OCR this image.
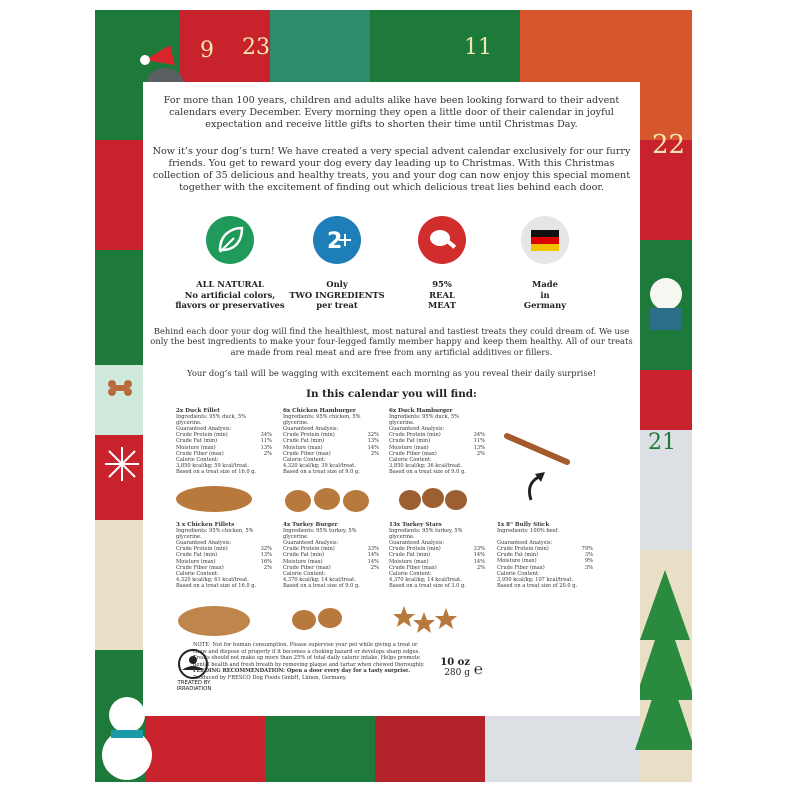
9 23	11
22
21
For more than 100 years, children and adults alike have been looking forward to their advent calendars every December. Every morning they open a little door of their calendar in joyful expectation and receive little gifts to shorten their time until Christmas Day.
Now it’s your dog’s turn! We have created a very special advent calendar exclusively for our furry friends. You get to reward your dog every day leading up to Christmas. With this Christmas collection of 35 delicious and healthy treats, you and your dog can now enjoy this special moment together with the excitement of finding out which delicious treat lies behind each door.
2
ALL NATURAL
No artificial colors,
flavors or preservatives
Only
TWO INGREDIENTS
per treat
95%
REAL
MEAT
Made
in
Germany
Behind each door your dog will find the healthiest, most natural and tastiest treats they could dream of. We use only the best ingredients to make your four-legged family member happy and keep them healthy. All of our treats are made from real meat and are free from any artificial additives or fillers.
Your dog’s tail will be wagging with excitement each morning as you reveal their daily surprise!
In this calendar you will find:
2x Duck Fillet
Ingredients: 95% duck, 5% glycerine.
Guaranteed Analysis:
Crude Protein (min)	34%
Crude Fat (min)	11%
Moisture (max)	13%
Crude Fiber (max)	2%
Calorie Content:
3,850 kcal/kg; 59 kcal/treat.
Based on a treat size of 16.0 g.
6x Chicken Hamburger
Ingredients: 95% chicken, 5% glycerine.
Guaranteed Analysis:
Crude Protein (min)	32%
Crude Fat (min)	13%
Moisture (max)	14%
Crude Fiber (max)	2%
Calorie Content:
4,320 kcal/kg; 39 kcal/treat.
Based on a treat size of 9.0 g.
6x Duck Hamburger
Ingredients: 95% duck, 5% glycerine.
Guaranteed Analysis:
Crude Protein (min)	34%
Crude Fat (min)	11%
Moisture (max)	13%
Crude Fiber (max)	2%
Calorie Content:
3,850 kcal/kg; 36 kcal/treat.
Based on a treat size of 9.0 g.
3 x Chicken Fillets
Ingredients: 95% chicken, 5% glycerine.
Guaranteed Analysis:
Crude Protein (min)	32%
Crude Fat (min)	13%
Moisture (max)	16%
Crude Fiber (max)	2%
Calorie Content:
4,320 kcal/kg; 61 kcal/treat.
Based on a treat size of 16.0 g.
4x Turkey Burger
Ingredients: 95% turkey, 5% glycerine.
Guaranteed Analysis:
Crude Protein (min)	33%
Crude Fat (min)	14%
Moisture (max)	14%
Crude Fiber (max)	2%
Calorie Content:
4,370 kcal/kg; 14 kcal/treat.
Based on a treat size of 9.0 g.
13x Turkey Stars
Ingredients: 95% turkey, 5% glycerine.
Guaranteed Analysis:
Crude Protein (min)	33%
Crude Fat (min)	14%
Moisture (max)	14%
Crude Fiber (max)	2%
Calorie Content:
4,370 kcal/kg; 14 kcal/treat.
Based on a treat size of 3.0 g.
1x 8" Bully Stick
Ingredients: 100% beef.
Guaranteed Analysis:
Crude Protein (min)	79%
Crude Fat (min)	3%
Moisture (max)	9%
Crude Fiber (max)	3%
Calorie Content:
3,950 kcal/kg; 107 kcal/treat.
Based on a treat size of 20.0 g.
TREATED BY
IRRADIATION
NOTE: Not for human consumption. Please supervise your pet while giving a treat or chew and dispose of properly if it becomes a choking hazard or develops sharp edges. Treats should not make up more than 25% of total daily caloric intake. Helps promote dental health and fresh breath by removing plaque and tartar when chewed thoroughly.
FEEDING RECOMMENDATION: Open a door every day for a tasty surprise.
Produced by FRESCO Dog Foods GmbH, Lünen, Germany.
10 oz
280 g ℮
